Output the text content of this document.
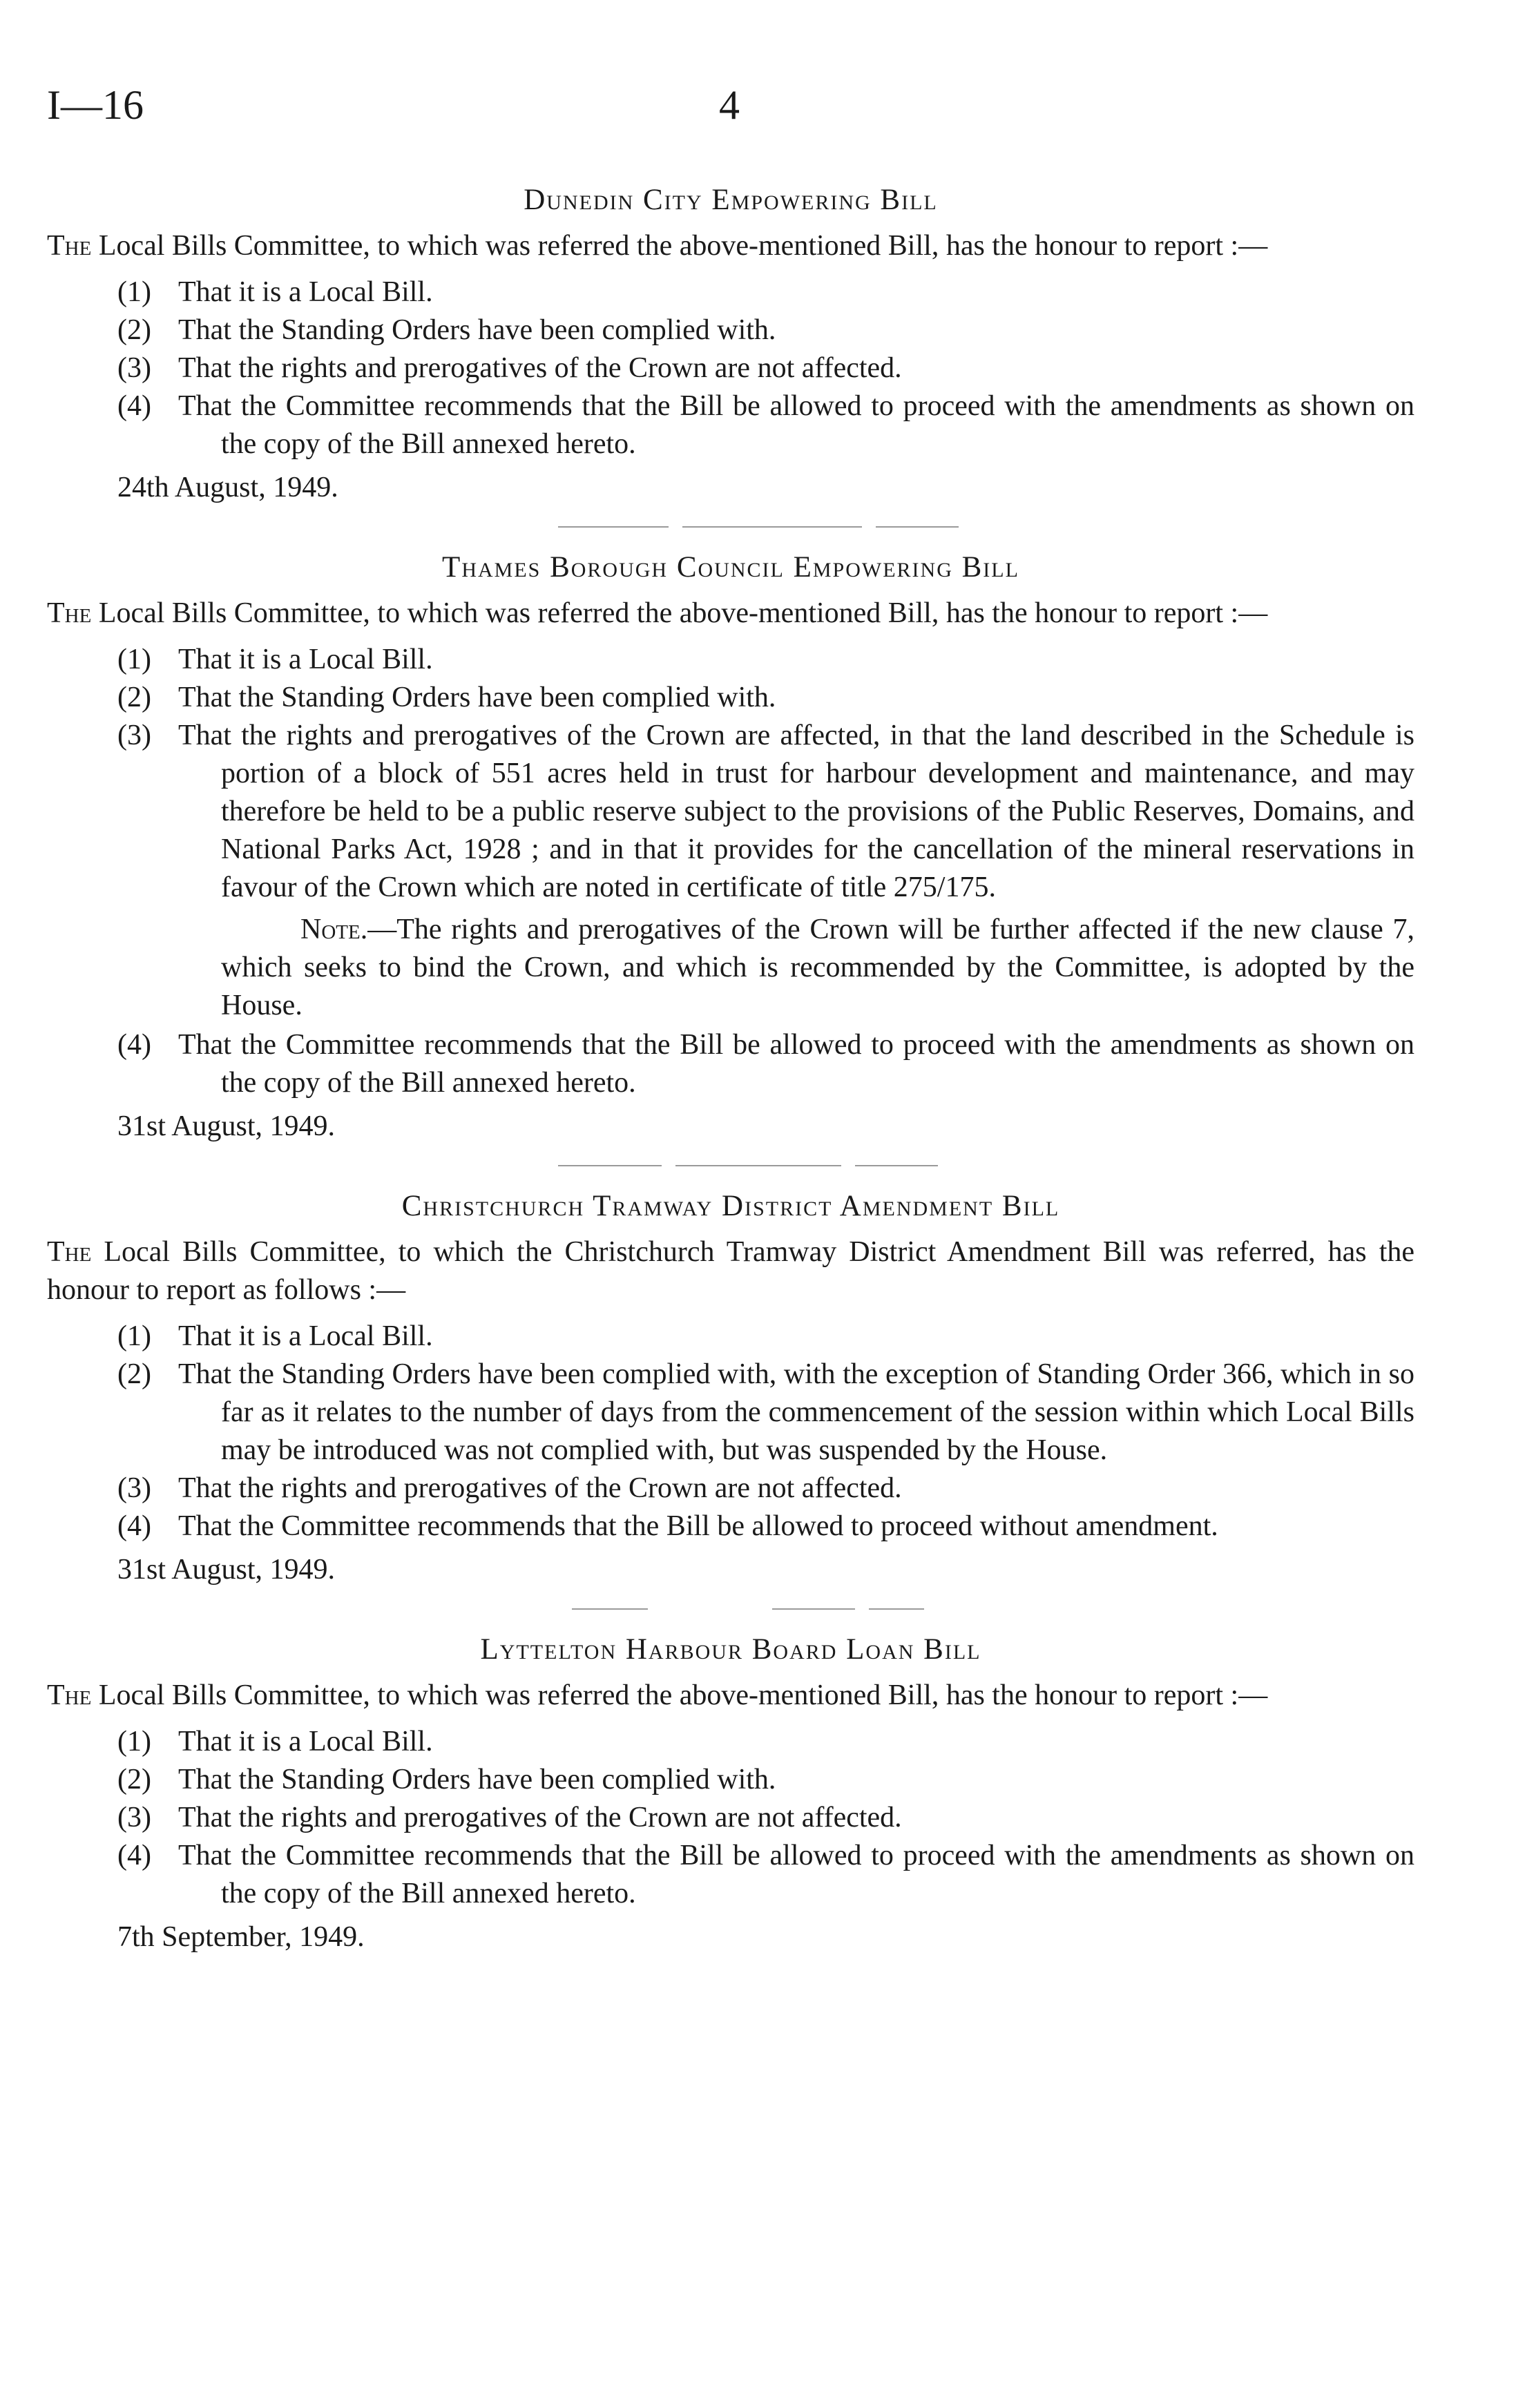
I—16	4
Dunedin City Empowering Bill

The Local Bills Committee, to which was referred the above-mentioned Bill, has the honour to report :—

(1) That it is a Local Bill.
(2) That the Standing Orders have been complied with.
(3) That the rights and prerogatives of the Crown are not affected.
(4) That the Committee recommends that the Bill be allowed to proceed with the amendments as shown on the copy of the Bill annexed hereto.
24th August, 1949.
Thames Borough Council Empowering Bill

The Local Bills Committee, to which was referred the above-mentioned Bill, has the honour to report :—

(1) That it is a Local Bill.
(2) That the Standing Orders have been complied with.
(3) That the rights and prerogatives of the Crown are affected, in that the land described in the Schedule is portion of a block of 551 acres held in trust for harbour development and maintenance, and may therefore be held to be a public reserve subject to the provisions of the Public Reserves, Domains, and National Parks Act, 1928 ; and in that it provides for the cancellation of the mineral reservations in favour of the Crown which are noted in certificate of title 275/175.

Note.—The rights and prerogatives of the Crown will be further affected if the new clause 7, which seeks to bind the Crown, and which is recommended by the Committee, is adopted by the House.

(4) That the Committee recommends that the Bill be allowed to proceed with the amendments as shown on the copy of the Bill annexed hereto.
31st August, 1949.
Christchurch Tramway District Amendment Bill

The Local Bills Committee, to which the Christchurch Tramway District Amendment Bill was referred, has the honour to report as follows :—

(1) That it is a Local Bill.
(2) That the Standing Orders have been complied with, with the exception of Standing Order 366, which in so far as it relates to the number of days from the commencement of the session within which Local Bills may be introduced was not complied with, but was suspended by the House.
(3) That the rights and prerogatives of the Crown are not affected.
(4) That the Committee recommends that the Bill be allowed to proceed without amendment.
31st August, 1949.
Lyttelton Harbour Board Loan Bill

The Local Bills Committee, to which was referred the above-mentioned Bill, has the honour to report :—

(1) That it is a Local Bill.
(2) That the Standing Orders have been complied with.
(3) That the rights and prerogatives of the Crown are not affected.
(4) That the Committee recommends that the Bill be allowed to proceed with the amendments as shown on the copy of the Bill annexed hereto.
7th September, 1949.
